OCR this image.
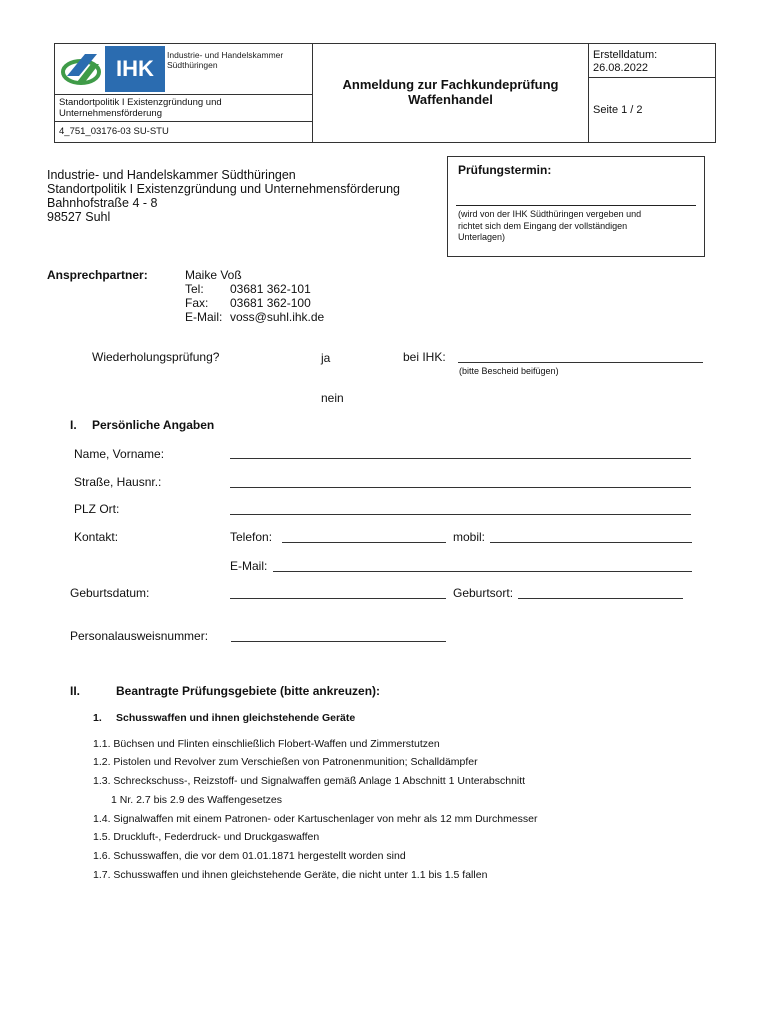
IHK
Industrie- und Handelskammer
Südthüringen
Standortpolitik I Existenzgründung und
Unternehmensförderung
4_751_03176-03 SU-STU
Anmeldung zur Fachkundeprüfung
Waffenhandel
Erstelldatum:
26.08.2022
Seite 1 / 2
Industrie- und Handelskammer Südthüringen
Standortpolitik I Existenzgründung und Unternehmensförderung
Bahnhofstraße 4 - 8
98527 Suhl
Prüfungstermin:
(wird von der IHK Südthüringen vergeben und
richtet sich dem Eingang der vollständigen
Unterlagen)
Ansprechpartner:	Maike Voß
Tel: 03681 362-101
Fax: 03681 362-100
E-Mail: voss@suhl.ihk.de
Wiederholungsprüfung?	ja	bei IHK:
(bitte Bescheid beifügen)
nein
I. Persönliche Angaben
Name, Vorname:
Straße, Hausnr.:
PLZ Ort:
Kontakt:	Telefon:	mobil:
E-Mail:
Geburtsdatum:	Geburtsort:
Personalausweisnummer:
II.	Beantragte Prüfungsgebiete (bitte ankreuzen):
1. Schusswaffen und ihnen gleichstehende Geräte
1.1. Büchsen und Flinten einschließlich Flobert-Waffen und Zimmerstutzen
1.2. Pistolen und Revolver zum Verschießen von Patronenmunition; Schalldämpfer
1.3. Schreckschuss-, Reizstoff- und Signalwaffen gemäß Anlage 1 Abschnitt 1 Unterabschnitt
1 Nr. 2.7 bis 2.9 des Waffengesetzes
1.4. Signalwaffen mit einem Patronen- oder Kartuschenlager von mehr als 12 mm Durchmesser
1.5. Druckluft-, Federdruck- und Druckgaswaffen
1.6. Schusswaffen, die vor dem 01.01.1871 hergestellt worden sind
1.7. Schusswaffen und ihnen gleichstehende Geräte, die nicht unter 1.1 bis 1.5 fallen
